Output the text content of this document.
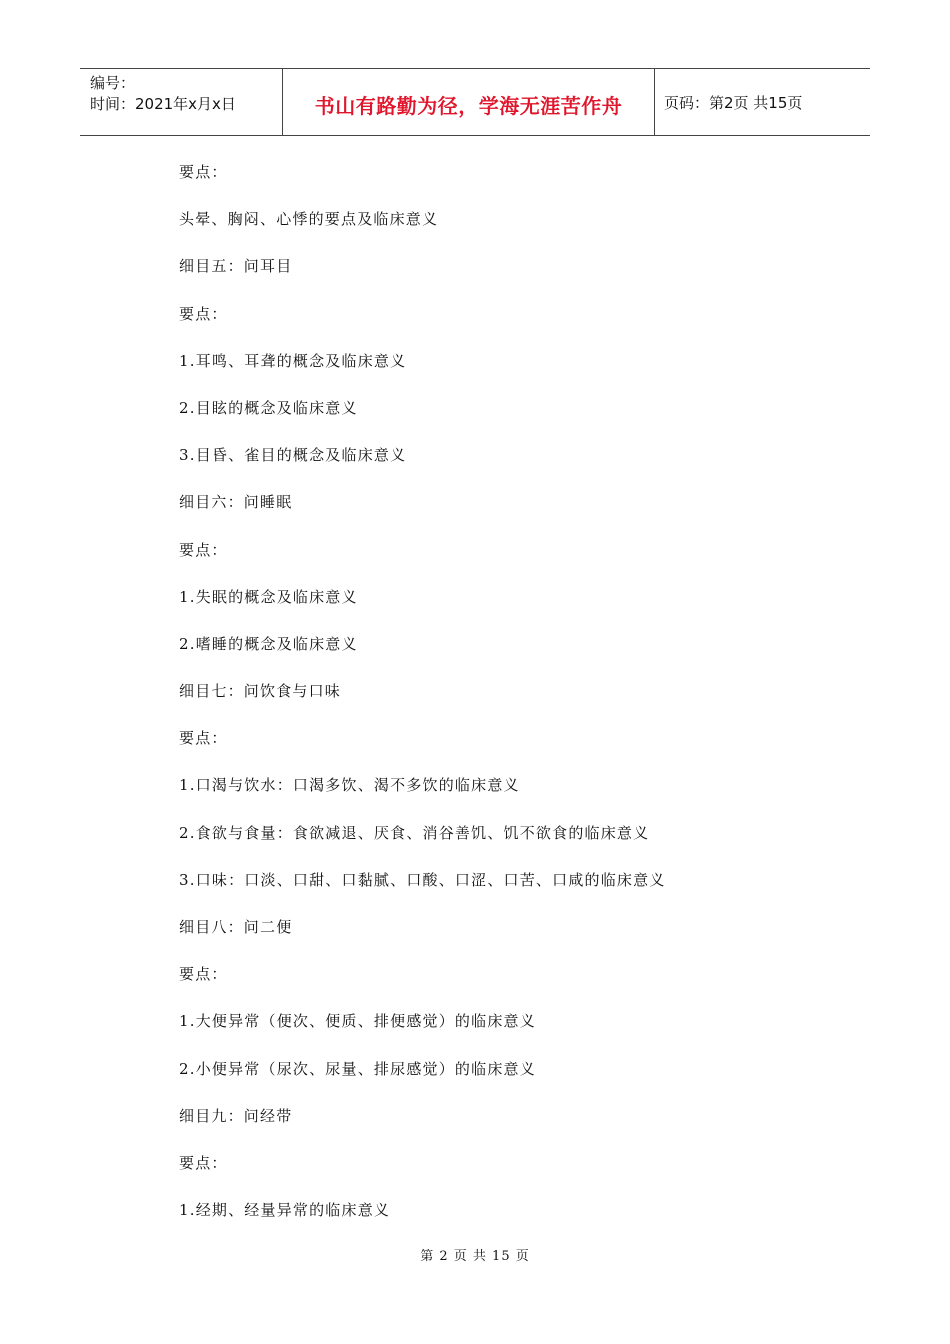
编号：
时间：2021年x月x日	书山有路勤为径，学海无涯苦作舟	页码：第2页 共15页
要点：
头晕、胸闷、心悸的要点及临床意义
细目五：问耳目
要点：
1.耳鸣、耳聋的概念及临床意义
2.目眩的概念及临床意义
3.目昏、雀目的概念及临床意义
细目六：问睡眠
要点：
1.失眠的概念及临床意义
2.嗜睡的概念及临床意义
细目七：问饮食与口味
要点：
1.口渴与饮水：口渴多饮、渴不多饮的临床意义
2.食欲与食量：食欲减退、厌食、消谷善饥、饥不欲食的临床意义
3.口味：口淡、口甜、口黏腻、口酸、口涩、口苦、口咸的临床意义
细目八：问二便
要点：
1.大便异常（便次、便质、排便感觉）的临床意义
2.小便异常（尿次、尿量、排尿感觉）的临床意义
细目九：问经带
要点：
1.经期、经量异常的临床意义
第 2 页 共 15 页
